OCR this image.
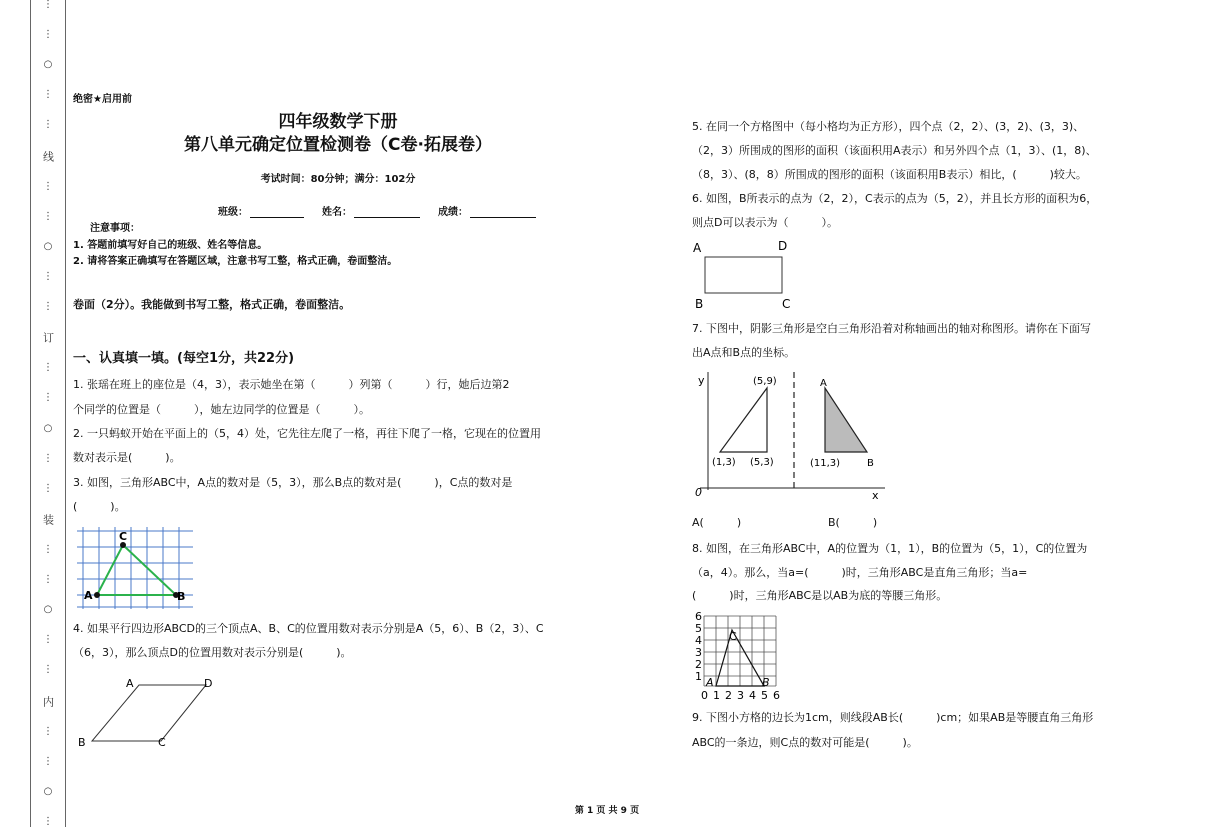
⋮
⋮
○
⋮
⋮
线
⋮
⋮
○
⋮
⋮
订
⋮
⋮
○
⋮
⋮
装
⋮
⋮
○
⋮
⋮
内
⋮
⋮
○
⋮
绝密★启用前
四年级数学下册
第八单元确定位置检测卷（C卷·拓展卷）
考试时间：80分钟；满分：102分
班级：	姓名：	成绩：
注意事项：
1. 答题前填写好自己的班级、姓名等信息。
2. 请将答案正确填写在答题区域，注意书写工整，格式正确，卷面整洁。
卷面（2分）。我能做到书写工整，格式正确，卷面整洁。
一、认真填一填。(每空1分，共22分)
1. 张瑶在班上的座位是（4，3），表示她坐在第（　　　）列第（　　　）行，她后边第2
个同学的位置是（　　　），她左边同学的位置是（　　　）。
2. 一只蚂蚁开始在平面上的（5，4）处，它先往左爬了一格，再往下爬了一格，它现在的位置用
数对表示是(　　　)。
3. 如图，三角形ABC中，A点的数对是（5，3），那么B点的数对是(　　　)，C点的数对是
(　　　)。
A	B
C
4. 如果平行四边形ABCD的三个顶点A、B、C的位置用数对表示分别是A（5，6）、B（2，3）、C
（6，3），那么顶点D的位置用数对表示分别是(　　　)。
A	D
B	C
5. 在同一个方格图中（每小格均为正方形），四个点（2，2）、(3，2)、(3，3)、
（2，3）所围成的图形的面积（该面积用A表示）和另外四个点（1，3）、(1，8)、
（8，3）、(8，8）所围成的图形的面积（该面积用B表示）相比，(　　　)较大。
6. 如图，B所表示的点为（2，2），C表示的点为（5，2），并且长方形的面积为6，
则点D可以表示为（　　　）。
A	D
B	C
7. 下图中，阴影三角形是空白三角形沿着对称轴画出的轴对称图形。请你在下面写
出A点和B点的坐标。
y
x
0
(5,9)
(1,3) (5,3)	(11,3)
A
B
A(　　　)	B(　　　)
8. 如图，在三角形ABC中，A的位置为（1，1），B的位置为（5，1），C的位置为
（a，4）。那么，当a=(　　　)时，三角形ABC是直角三角形；当a=
(　　　)时，三角形ABC是以AB为底的等腰三角形。
6
5
4
3
2
1
0 1 2 3 4 5 6
A	B
C
9. 下图小方格的边长为1cm，则线段AB长(　　　)cm；如果AB是等腰直角三角形
ABC的一条边，则C点的数对可能是(　　　)。
第 1 页 共 9 页
